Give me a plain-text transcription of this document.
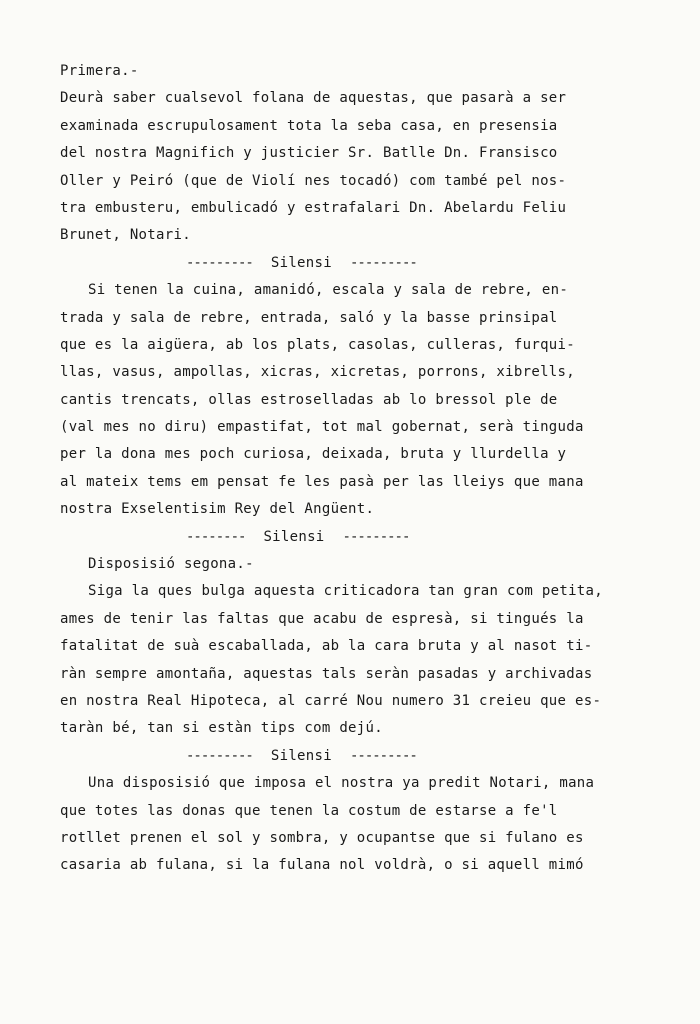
Primera.-
Deurà saber cualsevol folana de aquestas, que pasarà a ser
examinada escrupulosament tota la seba casa, en presensia
del nostra Magnifich y justicier Sr. Batlle Dn. Fransisco
Oller y Peiró (que de Violí nes tocadó) com també pel nos-
tra embusteru, embulicadó y estrafalari Dn. Abelardu Feliu
Brunet, Notari.
--------- Silensi ---------
Si tenen la cuina, amanidó, escala y sala de rebre, en-
trada y sala de rebre, entrada, saló y la basse prinsipal
que es la aigüera, ab los plats, casolas, culleras, furqui-
llas, vasus, ampollas, xicras, xicretas, porrons, xibrells,
cantis trencats, ollas estroselladas ab lo bressol ple de
(val mes no diru) empastifat, tot mal gobernat, serà tinguda
per la dona mes poch curiosa, deixada, bruta y llurdella y
al mateix tems em pensat fe les pasà per las lleiys que mana
nostra Exselentisim Rey del Angüent.
-------- Silensi ---------
Disposisió segona.-
Siga la ques bulga aquesta criticadora tan gran com petita,
ames de tenir las faltas que acabu de espresà, si tingués la
fatalitat de suà escaballada, ab la cara bruta y al nasot ti-
ràn sempre amontaña, aquestas tals seràn pasadas y archivadas
en nostra Real Hipoteca, al carré Nou numero 31 creieu que es-
taràn bé, tan si estàn tips com dejú.
--------- Silensi ---------
Una disposisió que imposa el nostra ya predit Notari, mana
que totes las donas que tenen la costum de estarse a fe'l
rotllet prenen el sol y sombra, y ocupantse que si fulano es
casaria ab fulana, si la fulana nol voldrà, o si aquell mimó
